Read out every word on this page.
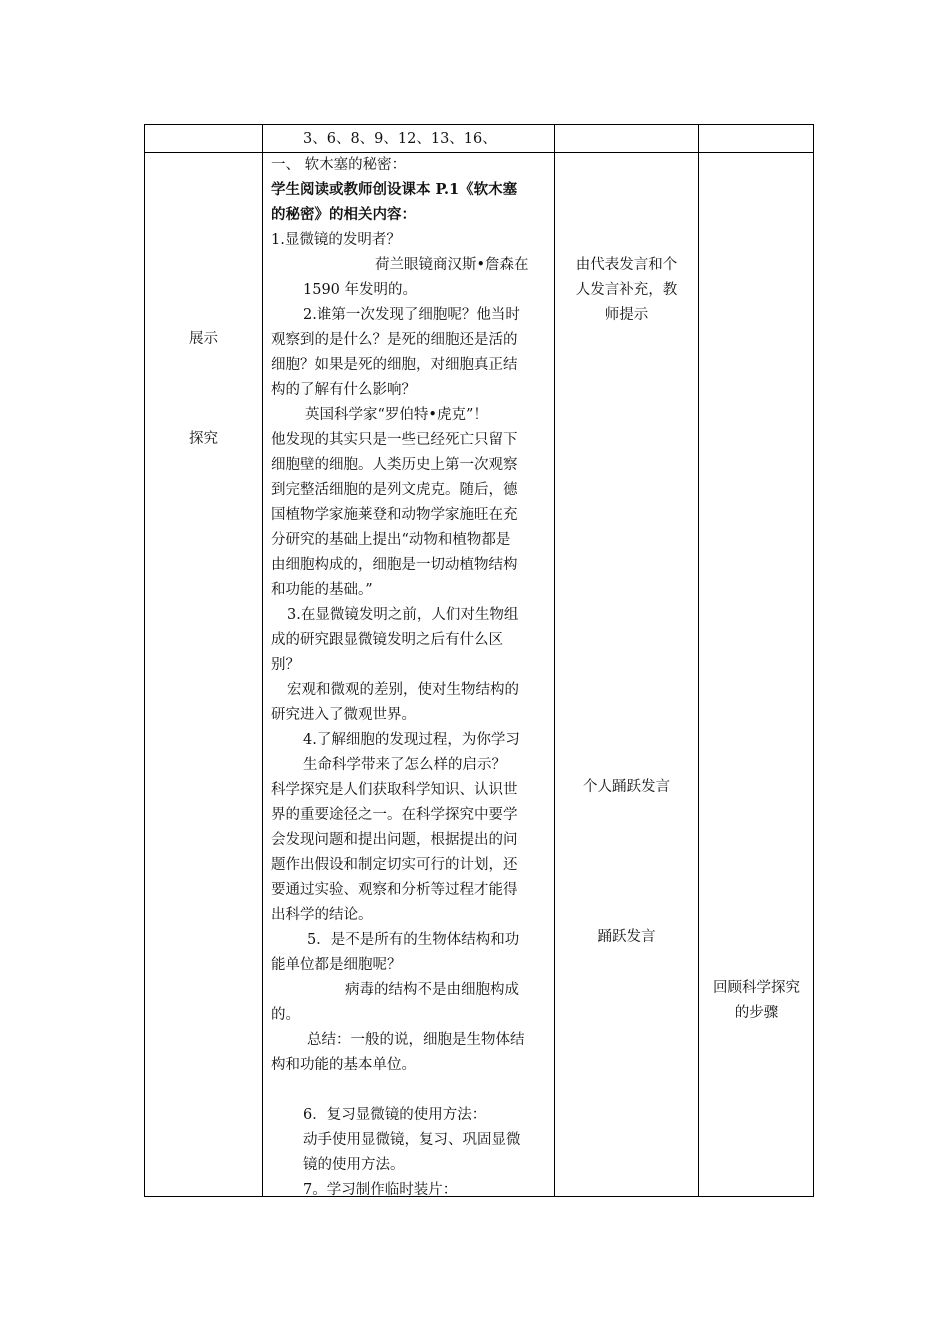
3、6、8、9、12、13、16、
展示
探究
一、 软木塞的秘密：
学生阅读或教师创设课本 P.1《软木塞
的秘密》的相关内容：
1.显微镜的发明者？
荷兰眼镜商汉斯•詹森在
1590 年发明的。
2.谁第一次发现了细胞呢？他当时
观察到的是什么？是死的细胞还是活的
细胞？如果是死的细胞，对细胞真正结
构的了解有什么影响？
英国科学家“罗伯特•虎克”！
他发现的其实只是一些已经死亡只留下
细胞壁的细胞。人类历史上第一次观察
到完整活细胞的是列文虎克。随后，德
国植物学家施莱登和动物学家施旺在充
分研究的基础上提出“动物和植物都是
由细胞构成的，细胞是一切动植物结构
和功能的基础。”
3.在显微镜发明之前，人们对生物组
成的研究跟显微镜发明之后有什么区
别？
宏观和微观的差别，使对生物结构的
研究进入了微观世界。
4.了解细胞的发现过程，为你学习
生命科学带来了怎么样的启示？
科学探究是人们获取科学知识、认识世
界的重要途径之一。在科学探究中要学
会发现问题和提出问题，根据提出的问
题作出假设和制定切实可行的计划，还
要通过实验、观察和分析等过程才能得
出科学的结论。
5．是不是所有的生物体结构和功
能单位都是细胞呢？
病毒的结构不是由细胞构成
的。
总结：一般的说，细胞是生物体结
构和功能的基本单位。
6．复习显微镜的使用方法：
动手使用显微镜，复习、巩固显微
镜的使用方法。
7。学习制作临时装片：
由代表发言和个
人发言补充，教
师提示
个人踊跃发言
踊跃发言
回顾科学探究
的步骤
